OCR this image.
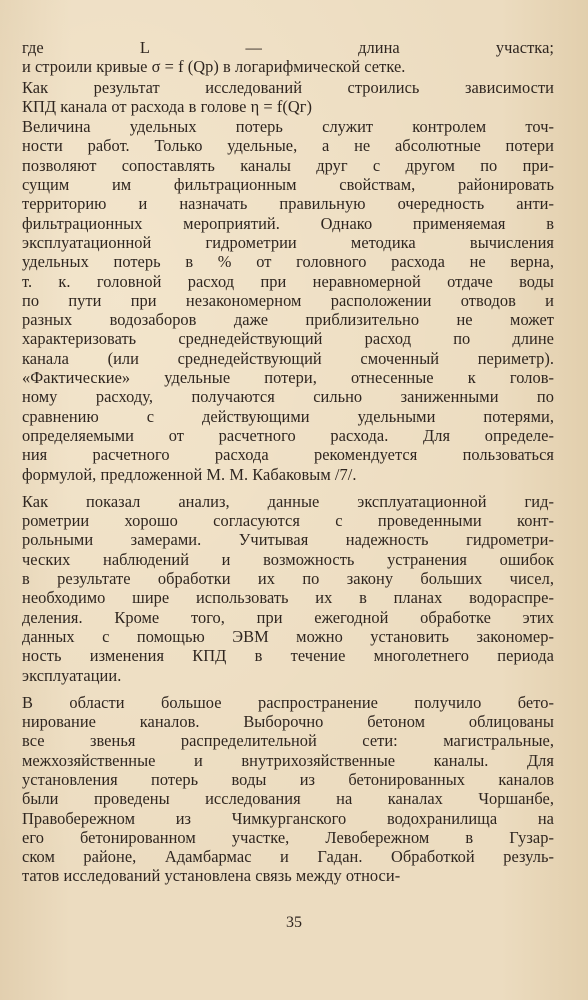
где L — длина участка;
и строили кривые σ = f (Qр) в логарифмической сетке.
Как результат исследований строились зависимости
КПД канала от расхода в голове η = f(Qг)
Величина удельных потерь служит контролем точ-
ности работ. Только удельные, а не абсолютные потери
позволяют сопоставлять каналы друг с другом по при-
сущим им фильтрационным свойствам, районировать
территорию и назначать правильную очередность анти-
фильтрационных мероприятий. Однако применяемая в
эксплуатационной гидрометрии методика вычисления
удельных потерь в % от головного расхода не верна,
т. к. головной расход при неравномерной отдаче воды
по пути при незакономерном расположении отводов и
разных водозаборов даже приблизительно не может
характеризовать среднедействующий расход по длине
канала (или среднедействующий смоченный периметр).
«Фактические» удельные потери, отнесенные к голов-
ному расходу, получаются сильно заниженными по
сравнению с действующими удельными потерями,
определяемыми от расчетного расхода. Для определе-
ния расчетного расхода рекомендуется пользоваться
формулой, предложенной М. М. Кабаковым /7/.
Как показал анализ, данные эксплуатационной гид-
рометрии хорошо согласуются с проведенными конт-
рольными замерами. Учитывая надежность гидрометри-
ческих наблюдений и возможность устранения ошибок
в результате обработки их по закону больших чисел,
необходимо шире использовать их в планах водораспре-
деления. Кроме того, при ежегодной обработке этих
данных с помощью ЭВМ можно установить закономер-
ность изменения КПД в течение многолетнего периода
эксплуатации.
В области большое распространение получило бето-
нирование каналов. Выборочно бетоном облицованы
все звенья распределительной сети: магистральные,
межхозяйственные и внутрихозяйственные каналы. Для
установления потерь воды из бетонированных каналов
были проведены исследования на каналах Чоршанбе,
Правобережном из Чимкурганского водохранилища на
его бетонированном участке, Левобережном в Гузар-
ском районе, Адамбармас и Гадан. Обработкой резуль-
татов исследований установлена связь между относи-
35
